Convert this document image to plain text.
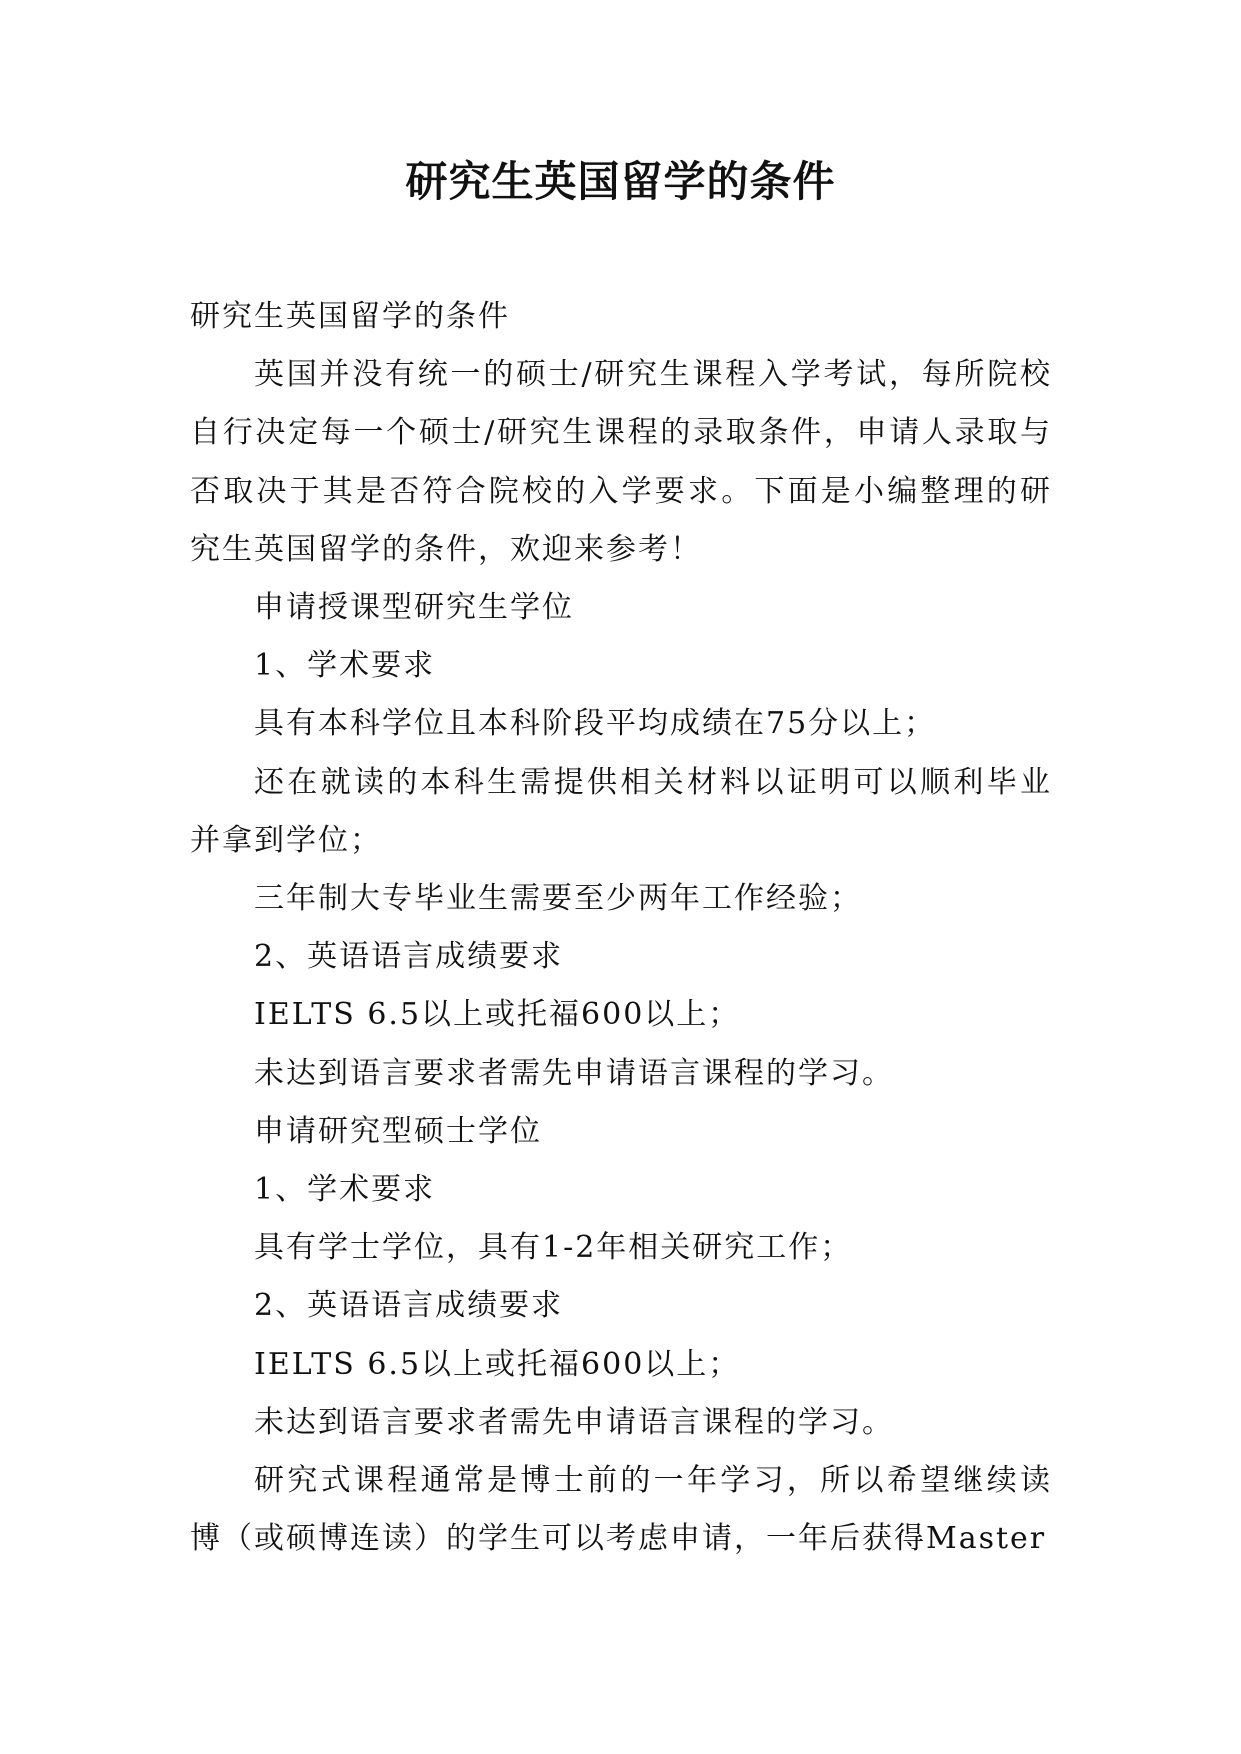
研究生英国留学的条件

研究生英国留学的条件

英国并没有统一的硕士/研究生课程入学考试，每所院校自行决定每一个硕士/研究生课程的录取条件，申请人录取与否取决于其是否符合院校的入学要求。下面是小编整理的研究生英国留学的条件，欢迎来参考！

申请授课型研究生学位

1、学术要求

具有本科学位且本科阶段平均成绩在75分以上；

还在就读的本科生需提供相关材料以证明可以顺利毕业并拿到学位；

三年制大专毕业生需要至少两年工作经验；

2、英语语言成绩要求

IELTS 6.5以上或托福600以上；

未达到语言要求者需先申请语言课程的学习。

申请研究型硕士学位

1、学术要求

具有学士学位，具有1-2年相关研究工作；

2、英语语言成绩要求

IELTS 6.5以上或托福600以上；

未达到语言要求者需先申请语言课程的学习。

研究式课程通常是博士前的一年学习，所以希望继续读博（或硕博连读）的学生可以考虑申请，一年后获得Master
